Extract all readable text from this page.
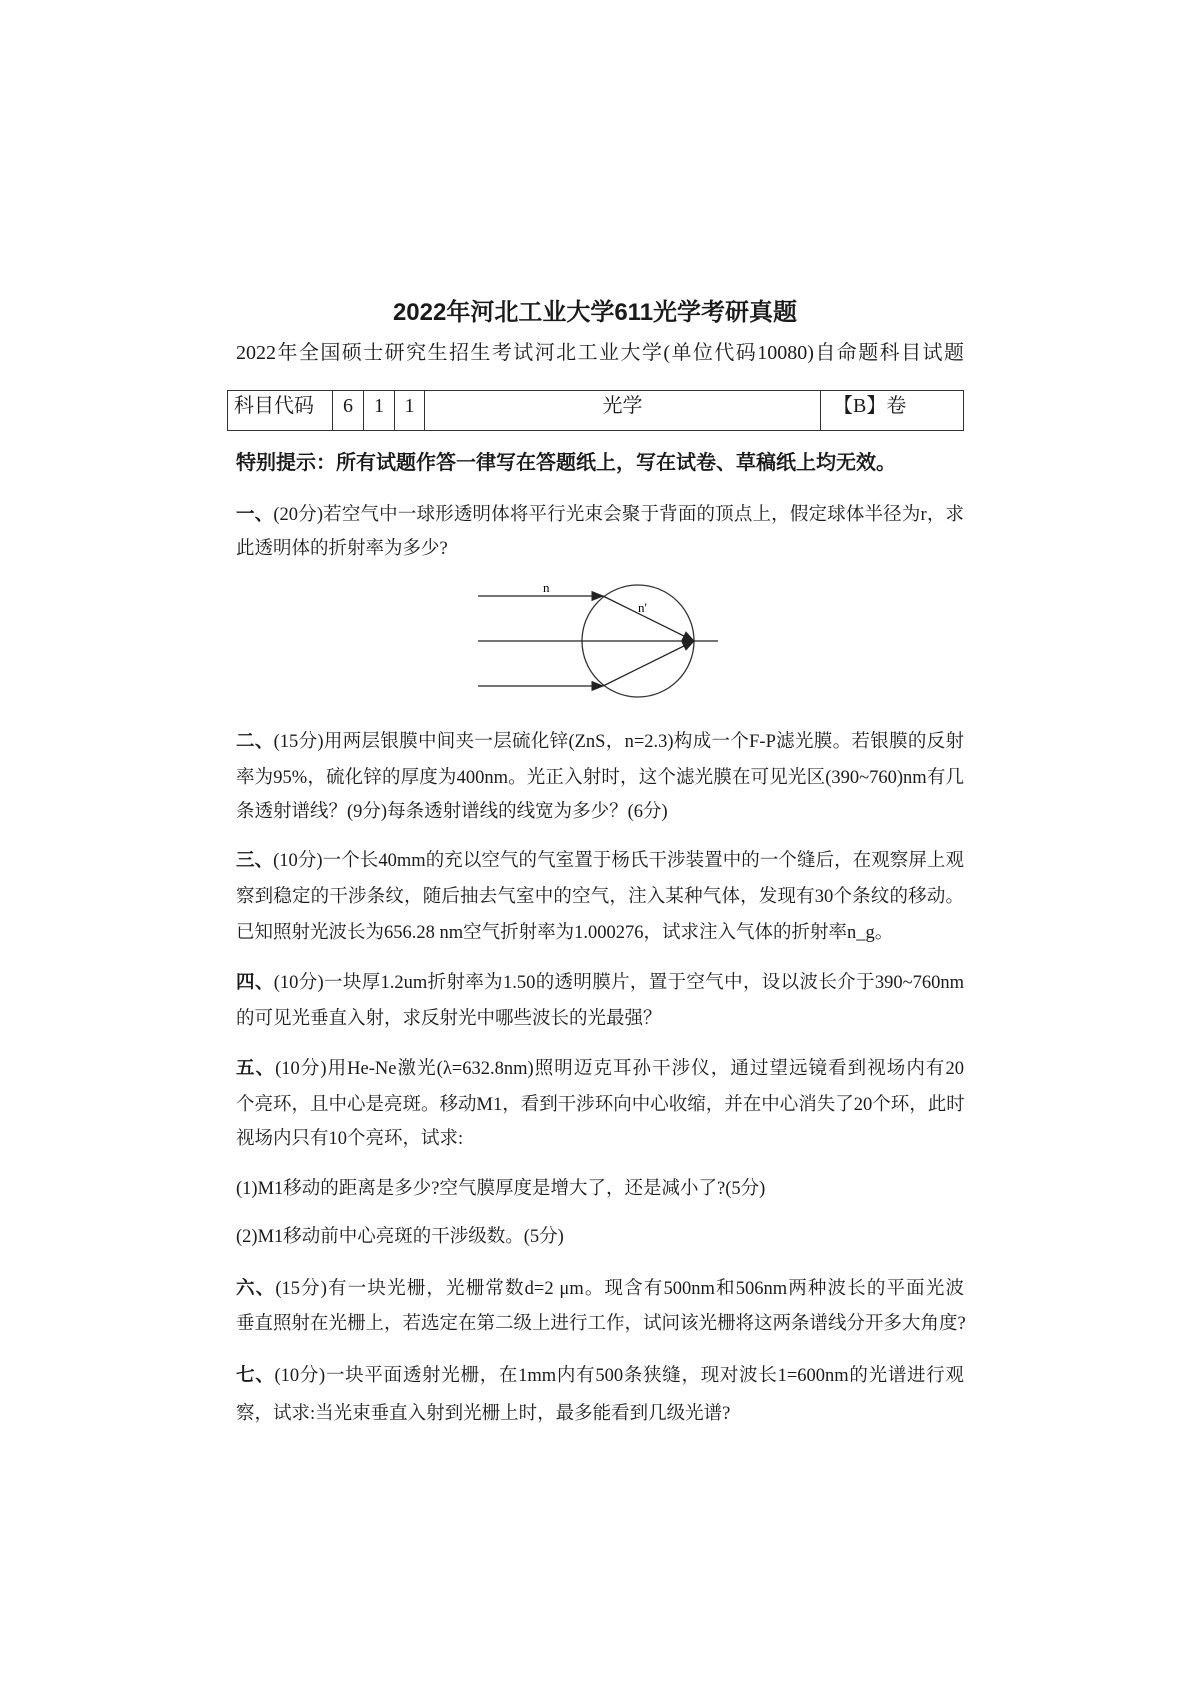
2022年河北工业大学611光学考研真题
2022年全国硕士研究生招生考试河北工业大学(单位代码10080)自命题科目试题
科目代码	6	1	1	光学	【B】卷
特别提示：所有试题作答一律写在答题纸上，写在试卷、草稿纸上均无效。
一、(20分)若空气中一球形透明体将平行光束会聚于背面的顶点上，假定球体半径为r，求
此透明体的折射率为多少?
二、(15分)用两层银膜中间夹一层硫化锌(ZnS，n=2.3)构成一个F-P滤光膜。若银膜的反射
率为95%，硫化锌的厚度为400nm。光正入射时，这个滤光膜在可见光区(390~760)nm有几
条透射谱线？(9分)每条透射谱线的线宽为多少？(6分)
三、(10分)一个长40mm的充以空气的气室置于杨氏干涉装置中的一个缝后，在观察屏上观
察到稳定的干涉条纹，随后抽去气室中的空气，注入某种气体，发现有30个条纹的移动。
已知照射光波长为656.28 nm空气折射率为1.000276，试求注入气体的折射率n_g。
四、(10分)一块厚1.2um折射率为1.50的透明膜片，置于空气中，设以波长介于390~760nm
的可见光垂直入射，求反射光中哪些波长的光最强？
五、(10分)用He-Ne激光(λ=632.8nm)照明迈克耳孙干涉仪，通过望远镜看到视场内有20
个亮环，且中心是亮斑。移动M1，看到干涉环向中心收缩，并在中心消失了20个环，此时
视场内只有10个亮环，试求:
(1)M1移动的距离是多少?空气膜厚度是增大了，还是减小了?(5分)
(2)M1移动前中心亮斑的干涉级数。(5分)
六、(15分)有一块光栅，光栅常数d=2 μm。现含有500nm和506nm两种波长的平面光波
垂直照射在光栅上，若选定在第二级上进行工作，试问该光栅将这两条谱线分开多大角度?
七、(10分)一块平面透射光栅，在1mm内有500条狭缝，现对波长1=600nm的光谱进行观
察，试求:当光束垂直入射到光栅上时，最多能看到几级光谱?
n
n'
